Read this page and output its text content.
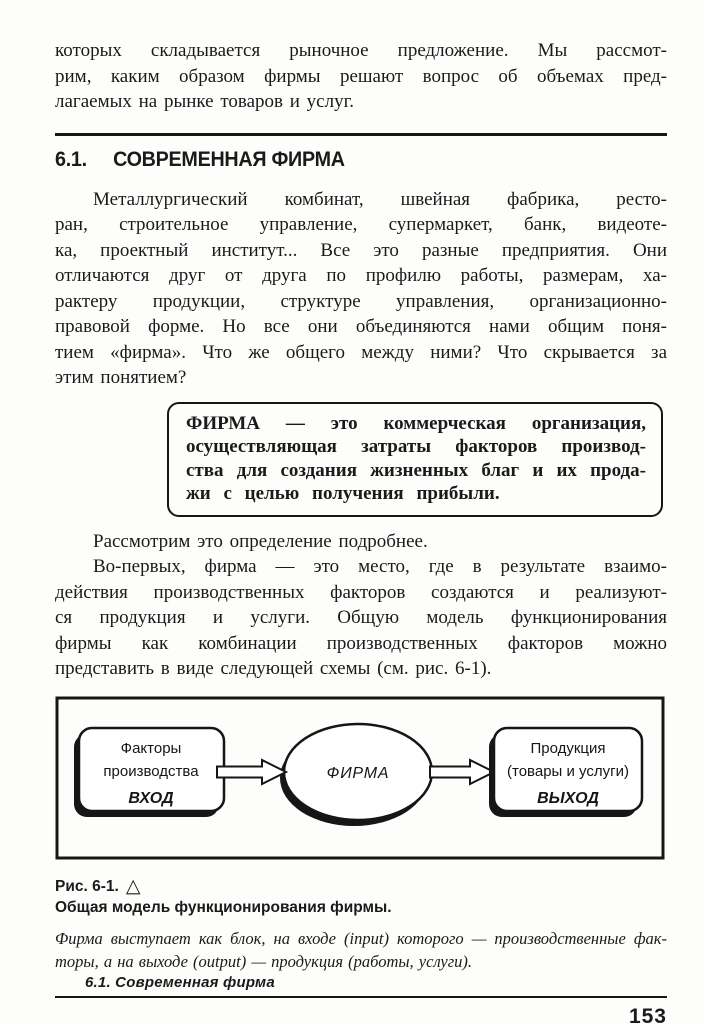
которых складывается рыночное предложение. Мы рассмот-
рим, каким образом фирмы решают вопрос об объемах пред-
лагаемых на рынке товаров и услуг.
6.1. СОВРЕМЕННАЯ ФИРМА
Металлургический комбинат, швейная фабрика, ресто-
ран, строительное управление, супермаркет, банк, видеоте-
ка, проектный институт... Все это разные предприятия. Они
отличаются друг от друга по профилю работы, размерам, ха-
рактеру продукции, структуре управления, организационно-
правовой форме. Но все они объединяются нами общим поня-
тием «фирма». Что же общего между ними? Что скрывается за
этим понятием?
ФИРМА — это коммерческая организация,
осуществляющая затраты факторов производ-
ства для создания жизненных благ и их прода-
жи с целью получения прибыли.
Рассмотрим это определение подробнее.
Во-первых, фирма — это место, где в результате взаимо-
действия производственных факторов создаются и реализуют-
ся продукция и услуги. Общую модель функционирования
фирмы как комбинации производственных факторов можно
представить в виде следующей схемы (см. рис. 6-1).
Факторы
производства
ВХОД
ФИРМА
Продукция
(товары и услуги)
ВЫХОД
Рис. 6-1. △
Общая модель функционирования фирмы.
Фирма выступает как блок, на входе (input) которого — производственные фак-
торы, а на выходе (output) — продукция (работы, услуги).
6.1. Современная фирма
153
